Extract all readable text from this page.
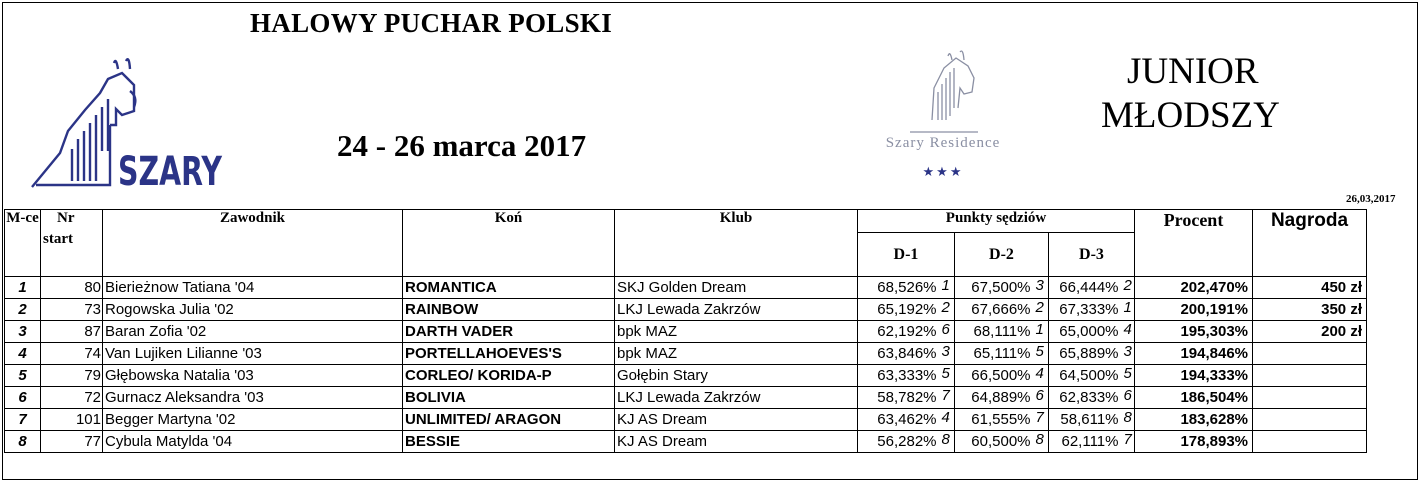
HALOWY PUCHAR POLSKI
24 - 26 marca 2017
JUNIOR
MŁODSZY
26,03,2017
SZARY
Szary Residence
★★★
M-ce	Nr
start	Zawodnik	Koń	Klub	Punkty sędziów						Procent	Nagroda
					D-1		D-2		D-3			
1	80	Bierieżnow Tatiana '04	ROMANTICA	SKJ Golden Dream	68,526%	1	67,500%	3	66,444%	2	202,470%	450 zł
2	73	Rogowska Julia '02	RAINBOW	LKJ Lewada Zakrzów	65,192%	2	67,666%	2	67,333%	1	200,191%	350 zł
3	87	Baran Zofia '02	DARTH VADER	bpk MAZ	62,192%	6	68,111%	1	65,000%	4	195,303%	200 zł
4	74	Van Lujiken Lilianne '03	PORTELLAHOEVES'S	bpk MAZ	63,846%	3	65,111%	5	65,889%	3	194,846%	
5	79	Głębowska Natalia '03	CORLEO/ KORIDA-P	Gołębin Stary	63,333%	5	66,500%	4	64,500%	5	194,333%	
6	72	Gurnacz Aleksandra '03	BOLIVIA	LKJ Lewada Zakrzów	58,782%	7	64,889%	6	62,833%	6	186,504%	
7	101	Begger Martyna '02	UNLIMITED/ ARAGON	KJ AS Dream	63,462%	4	61,555%	7	58,611%	8	183,628%	
8	77	Cybula Matylda '04	BESSIE	KJ AS Dream	56,282%	8	60,500%	8	62,111%	7	178,893%	
